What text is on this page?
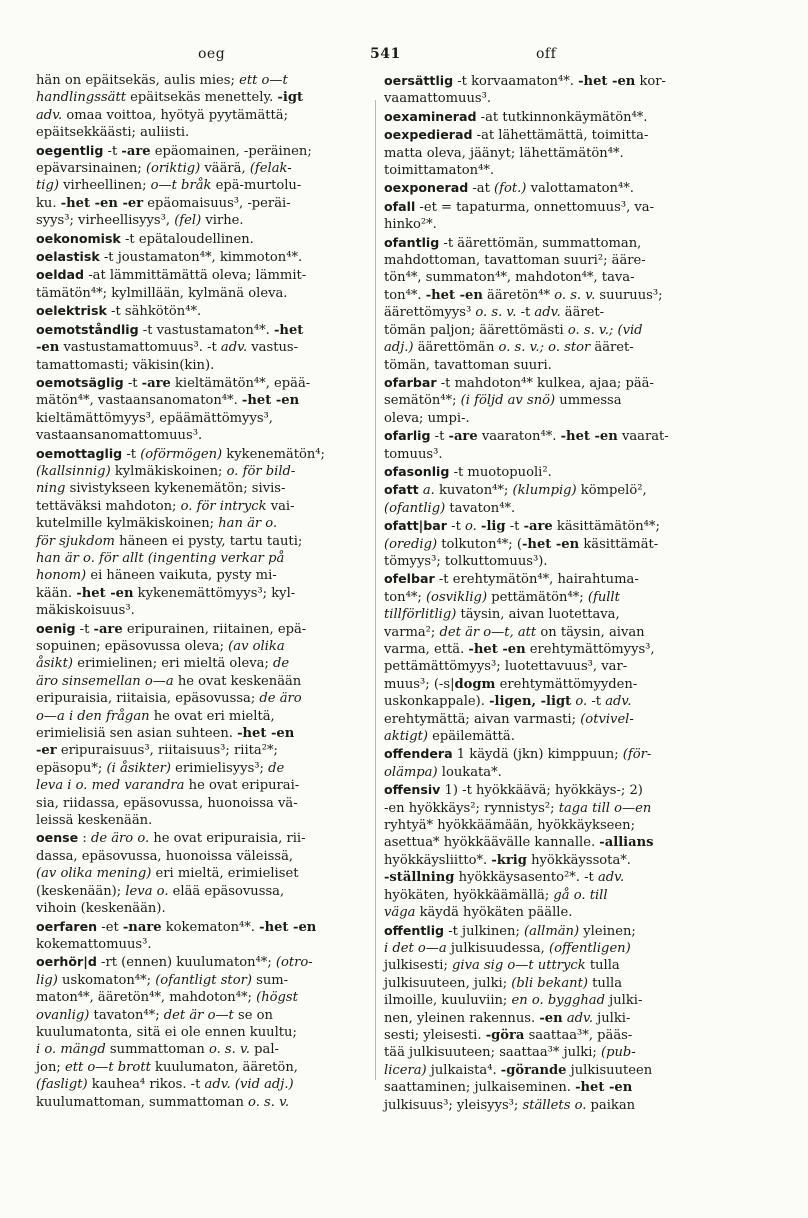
oeg	541	off
hän on epäitsekäs, aulis mies; ett o—t
handlingssätt epäitsekäs menettely. -igt
adv. omaa voittoa, hyötyä pyytämättä;
epäitsekkäästi; auliisti.
oegentlig -t -are epäomainen, -peräinen;
epävarsinainen; (oriktig) väärä, (felak-
tig) virheellinen; o—t bråk epä-murtolu-
ku. -het -en -er epäomaisuus³, -peräi-
syys³; virheellisyys³, (fel) virhe.
oekonomisk -t epätaloudellinen.
oelastisk -t joustamaton⁴*, kimmoton⁴*.
oeldad -at lämmittämättä oleva; lämmit-
tämätön⁴*; kylmillään, kylmänä oleva.
oelektrisk -t sähkötön⁴*.
oemotståndlig -t vastustamaton⁴*. -het
-en vastustamattomuus³. -t adv. vastus-
tamattomasti; väkisin(kin).
oemotsäglig -t -are kieltämätön⁴*, epää-
mätön⁴*, vastaansanomaton⁴*. -het -en
kieltämättömyys³, epäämättömyys³,
vastaansanomattomuus³.
oemottaglig -t (oförmögen) kykenemätön⁴;
(kallsinnig) kylmäkiskoinen; o. för bild-
ning sivistykseen kykenemätön; sivis-
tettäväksi mahdoton; o. för intryck vai-
kutelmille kylmäkiskoinen; han är o.
för sjukdom häneen ei pysty, tartu tauti;
han är o. för allt (ingenting verkar på
honom) ei häneen vaikuta, pysty mi-
kään. -het -en kykenemättömyys³; kyl-
mäkiskoisuus³.
oenig -t -are eripurainen, riitainen, epä-
sopuinen; epäsovussa oleva; (av olika
åsikt) erimielinen; eri mieltä oleva; de
äro sinsemellan o—a he ovat keskenään
eripuraisia, riitaisia, epäsovussa; de äro
o—a i den frågan he ovat eri mieltä,
erimielisiä sen asian suhteen. -het -en
-er eripuraisuus³, riitaisuus³; riita²*;
epäsopu*; (i åsikter) erimielisyys³; de
leva i o. med varandra he ovat eripurai-
sia, riidassa, epäsovussa, huonoissa vä-
leissä keskenään.
oense : de äro o. he ovat eripuraisia, rii-
dassa, epäsovussa, huonoissa väleissä,
(av olika mening) eri mieltä, erimieliset
(keskenään); leva o. elää epäsovussa,
vihoin (keskenään).
oerfaren -et -nare kokematon⁴*. -het -en
kokemattomuus³.
oerhör|d -rt (ennen) kuulumaton⁴*; (otro-
lig) uskomaton⁴*; (ofantligt stor) sum-
maton⁴*, ääretön⁴*, mahdoton⁴*; (högst
ovanlig) tavaton⁴*; det är o—t se on
kuulumatonta, sitä ei ole ennen kuultu;
i o. mängd summattoman o. s. v. pal-
jon; ett o—t brott kuulumaton, ääretön,
(fasligt) kauhea⁴ rikos. -t adv. (vid adj.)
kuulumattoman, summattoman o. s. v.
oersättlig -t korvaamaton⁴*. -het -en kor-
vaamattomuus³.
oexaminerad -at tutkinnonkäymätön⁴*.
oexpedierad -at lähettämättä, toimitta-
matta oleva, jäänyt; lähettämätön⁴*.
toimittamaton⁴*.
oexponerad -at (fot.) valottamaton⁴*.
ofall -et = tapaturma, onnettomuus³, va-
hinko²*.
ofantlig -t äärettömän, summattoman,
mahdottoman, tavattoman suuri²; ääre-
tön⁴*, summaton⁴*, mahdoton⁴*, tava-
ton⁴*. -het -en ääretön⁴* o. s. v. suuruus³;
äärettömyys³ o. s. v. -t adv. ääret-
tömän paljon; äärettömästi o. s. v.; (vid
adj.) äärettömän o. s. v.; o. stor ääret-
tömän, tavattoman suuri.
ofarbar -t mahdoton⁴* kulkea, ajaa; pää-
semätön⁴*; (i följd av snö) ummessa
oleva; umpi-.
ofarlig -t -are vaaraton⁴*. -het -en vaarat-
tomuus³.
ofasonlig -t muotopuoli².
ofatt a. kuvaton⁴*; (klumpig) kömpelö²,
(ofantlig) tavaton⁴*.
ofatt|bar -t o. -lig -t -are käsittämätön⁴*;
(oredig) tolkuton⁴*; (-het -en käsittämät-
tömyys³; tolkuttomuus³).
ofelbar -t erehtymätön⁴*, hairahtuma-
ton⁴*; (osviklig) pettämätön⁴*; (fullt
tillförlitlig) täysin, aivan luotettava,
varma²; det är o—t, att on täysin, aivan
varma, että. -het -en erehtymättömyys³,
pettämättömyys³; luotettavuus³, var-
muus³; (-s|dogm erehtymättömyyden-
uskonkappale). -ligen, -ligt o. -t adv.
erehtymättä; aivan varmasti; (otvivel-
aktigt) epäilemättä.
offendera 1 käydä (jkn) kimppuun; (för-
olämpa) loukata*.
offensiv 1) -t hyökkäävä; hyökkäys-; 2)
-en hyökkäys²; rynnistys²; taga till o—en
ryhtyä* hyökkäämään, hyökkäykseen;
asettua* hyökkäävälle kannalle. -allians
hyökkäysliitto*. -krig hyökkäyssota*.
-ställning hyökkäysasento²*. -t adv.
hyökäten, hyökkäämällä; gå o. till
väga käydä hyökäten päälle.
offentlig -t julkinen; (allmän) yleinen;
i det o—a julkisuudessa, (offentligen)
julkisesti; giva sig o—t uttryck tulla
julkisuuteen, julki; (bli bekant) tulla
ilmoille, kuuluviin; en o. bygghad julki-
nen, yleinen rakennus. -en adv. julki-
sesti; yleisesti. -göra saattaa³*, pääs-
tää julkisuuteen; saattaa³* julki; (pub-
licera) julkaista⁴. -görande julkisuuteen
saattaminen; julkaiseminen. -het -en
julkisuus³; yleisyys³; ställets o. paikan
